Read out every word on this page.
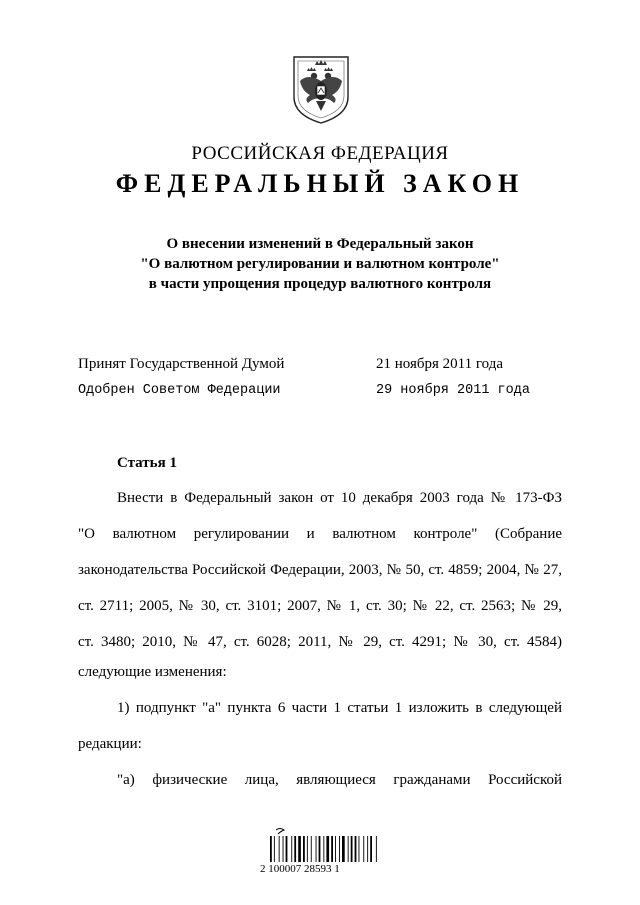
РОССИЙСКАЯ ФЕДЕРАЦИЯ
ФЕДЕРАЛЬНЫЙ ЗАКОН
О внесении изменений в Федеральный закон
"О валютном регулировании и валютном контроле"
в части упрощения процедур валютного контроля
Принят Государственной Думой	21 ноября 2011 года
Одобрен Советом Федерации	29 ноября 2011 года
Статья 1
Внести в Федеральный закон от 10 декабря 2003 года № 173-ФЗ
"О валютном регулировании и валютном контроле" (Собрание
законодательства Российской Федерации, 2003, № 50, ст. 4859; 2004, № 27,
ст. 2711; 2005, № 30, ст. 3101; 2007, № 1, ст. 30; № 22, ст. 2563; № 29,
ст. 3480; 2010, № 47, ст. 6028; 2011, № 29, ст. 4291; № 30, ст. 4584)
следующие изменения:
1) подпункт "а" пункта 6 части 1 статьи 1 изложить в следующей
редакции:
"а) физические лица, являющиеся гражданами Российской
2 100007 28593 1
